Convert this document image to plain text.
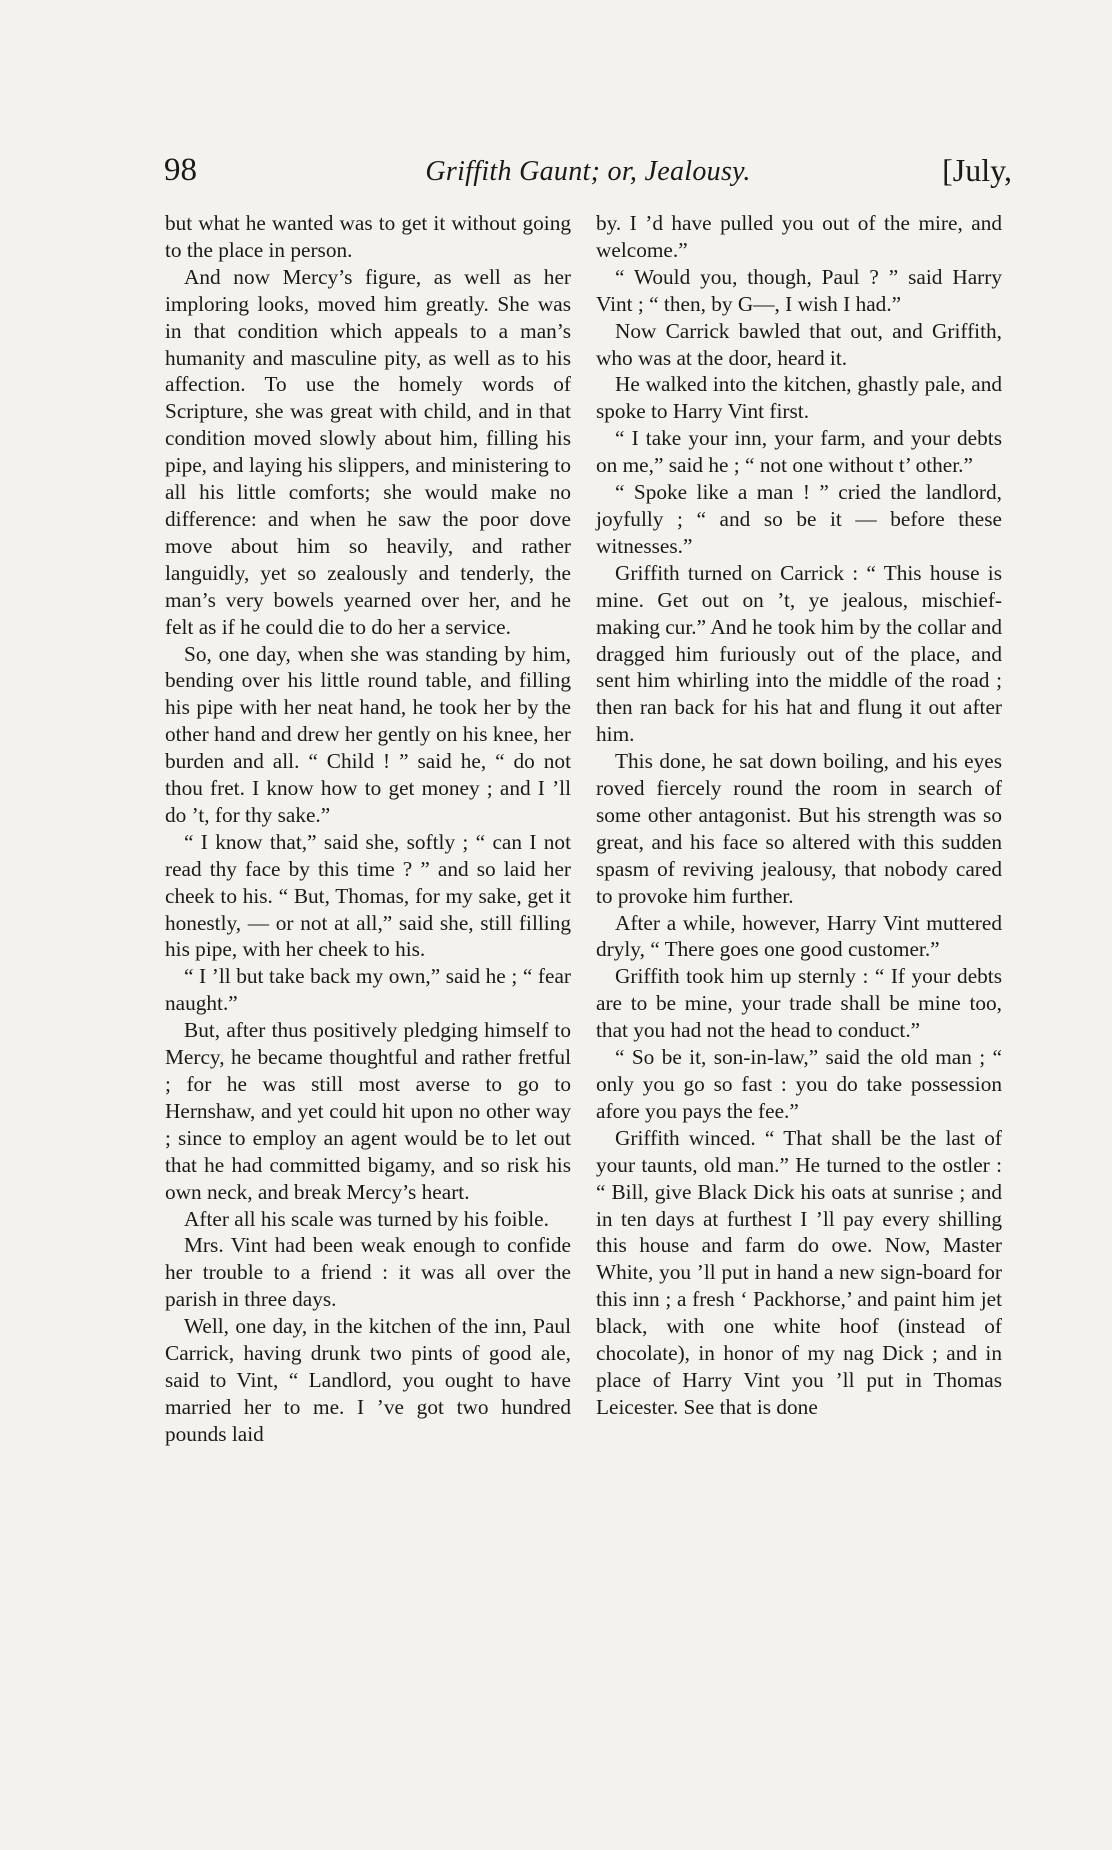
98	Griffith Gaunt; or, Jealousy.	[July,

but what he wanted was to get it without going to the place in person.

And now Mercy’s figure, as well as her imploring looks, moved him greatly. She was in that condition which appeals to a man’s humanity and masculine pity, as well as to his affection. To use the homely words of Scripture, she was great with child, and in that condition moved slowly about him, filling his pipe, and laying his slippers, and ministering to all his little comforts; she would make no difference: and when he saw the poor dove move about him so heavily, and rather languidly, yet so zealously and tenderly, the man’s very bowels yearned over her, and he felt as if he could die to do her a service.

So, one day, when she was standing by him, bending over his little round table, and filling his pipe with her neat hand, he took her by the other hand and drew her gently on his knee, her burden and all. “ Child ! ” said he, “ do not thou fret. I know how to get money ; and I ’ll do ’t, for thy sake.”

“ I know that,” said she, softly ; “ can I not read thy face by this time ? ” and so laid her cheek to his. “ But, Thomas, for my sake, get it honestly, — or not at all,” said she, still filling his pipe, with her cheek to his.

“ I ’ll but take back my own,” said he ; “ fear naught.”

But, after thus positively pledging himself to Mercy, he became thoughtful and rather fretful ; for he was still most averse to go to Hernshaw, and yet could hit upon no other way ; since to employ an agent would be to let out that he had committed bigamy, and so risk his own neck, and break Mercy’s heart.

After all his scale was turned by his foible.

Mrs. Vint had been weak enough to confide her trouble to a friend : it was all over the parish in three days.

Well, one day, in the kitchen of the inn, Paul Carrick, having drunk two pints of good ale, said to Vint, “ Landlord, you ought to have married her to me. I ’ve got two hundred pounds laid

by. I ’d have pulled you out of the mire, and welcome.”

“ Would you, though, Paul ? ” said Harry Vint ; “ then, by G—, I wish I had.”

Now Carrick bawled that out, and Griffith, who was at the door, heard it.

He walked into the kitchen, ghastly pale, and spoke to Harry Vint first.

“ I take your inn, your farm, and your debts on me,” said he ; “ not one without t’ other.”

“ Spoke like a man ! ” cried the landlord, joyfully ; “ and so be it — before these witnesses.”

Griffith turned on Carrick : “ This house is mine. Get out on ’t, ye jealous, mischief-making cur.” And he took him by the collar and dragged him furiously out of the place, and sent him whirling into the middle of the road ; then ran back for his hat and flung it out after him.

This done, he sat down boiling, and his eyes roved fiercely round the room in search of some other antagonist. But his strength was so great, and his face so altered with this sudden spasm of reviving jealousy, that nobody cared to provoke him further.

After a while, however, Harry Vint muttered dryly, “ There goes one good customer.”

Griffith took him up sternly : “ If your debts are to be mine, your trade shall be mine too, that you had not the head to conduct.”

“ So be it, son-in-law,” said the old man ; “ only you go so fast : you do take possession afore you pays the fee.”

Griffith winced. “ That shall be the last of your taunts, old man.” He turned to the ostler : “ Bill, give Black Dick his oats at sunrise ; and in ten days at furthest I ’ll pay every shilling this house and farm do owe. Now, Master White, you ’ll put in hand a new sign-board for this inn ; a fresh ‘ Packhorse,’ and paint him jet black, with one white hoof (instead of chocolate), in honor of my nag Dick ; and in place of Harry Vint you ’ll put in Thomas Leicester. See that is done
